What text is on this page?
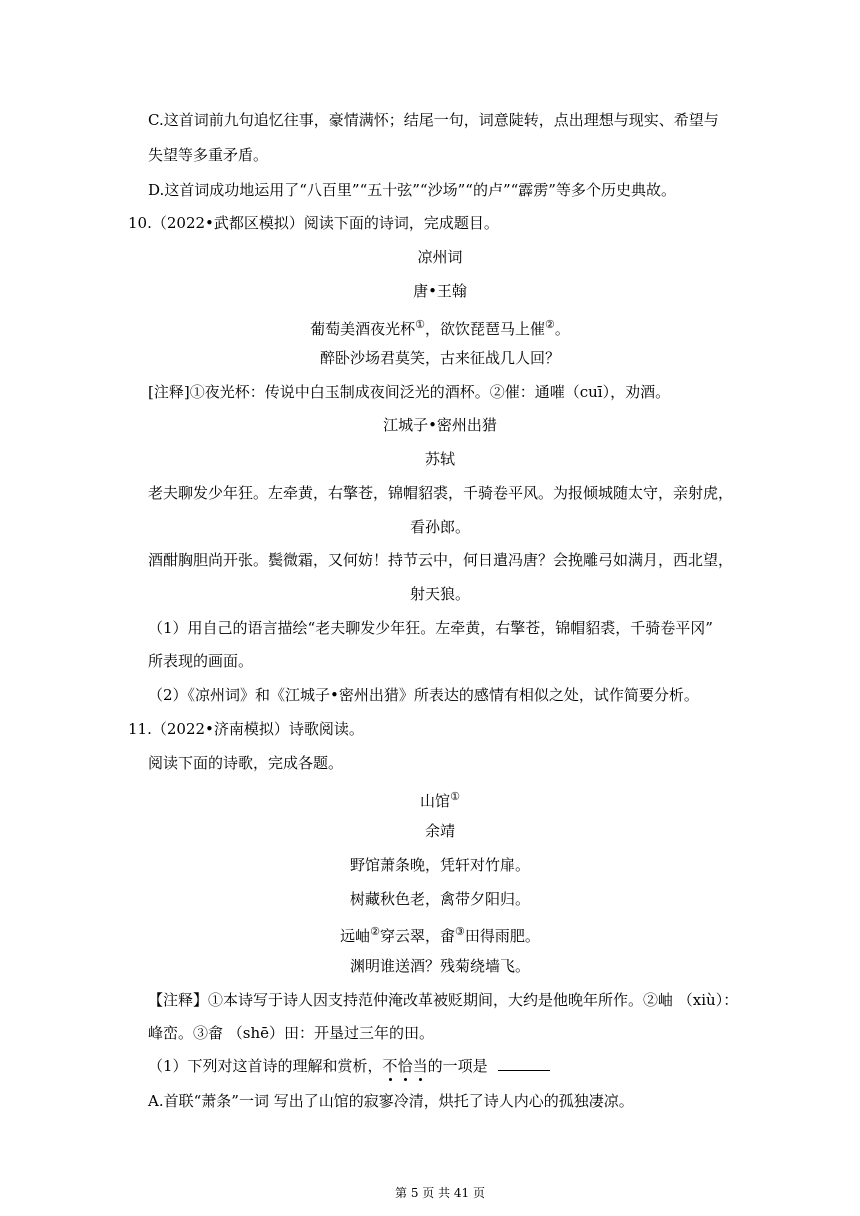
C.这首词前九句追忆往事，豪情满怀；结尾一句，词意陡转，点出理想与现实、希望与
失望等多重矛盾。
D.这首词成功地运用了“八百里”“五十弦”“沙场”“的卢”“霹雳”等多个历史典故。
10.（2022•武都区模拟）阅读下面的诗词，完成题目。
凉州词
唐•王翰
葡萄美酒夜光杯①，欲饮琵琶马上催②。
醉卧沙场君莫笑，古来征战几人回？
[注释]①夜光杯：传说中白玉制成夜间泛光的酒杯。②催：通嗺（cuī），劝酒。
江城子•密州出猎
苏轼
老夫聊发少年狂。左牵黄，右擎苍，锦帽貂裘，千骑卷平风。为报倾城随太守，亲射虎，
看孙郎。
酒酣胸胆尚开张。鬓微霜，又何妨！持节云中，何日遣冯唐？会挽雕弓如满月，西北望，
射天狼。
（1）用自己的语言描绘“老夫聊发少年狂。左牵黄，右擎苍，锦帽貂裘，千骑卷平冈”
所表现的画面。
（2）《凉州词》和《江城子•密州出猎》所表达的感情有相似之处，试作简要分析。
11.（2022•济南模拟）诗歌阅读。
阅读下面的诗歌，完成各题。
山馆①
余靖
野馆萧条晚，凭轩对竹扉。
树藏秋色老，禽带夕阳归。
远岫②穿云翠，畬③田得雨肥。
渊明谁送酒？残菊绕墙飞。
【注释】①本诗写于诗人因支持范仲淹改革被贬期间，大约是他晚年所作。②岫 （xiù）：
峰峦。③畲 （shē）田：开垦过三年的田。
（1）下列对这首诗的理解和赏析，不恰当的一项是
A.首联“萧条”一词 写出了山馆的寂寥冷清，烘托了诗人内心的孤独凄凉。
第 5 页 共 41 页
